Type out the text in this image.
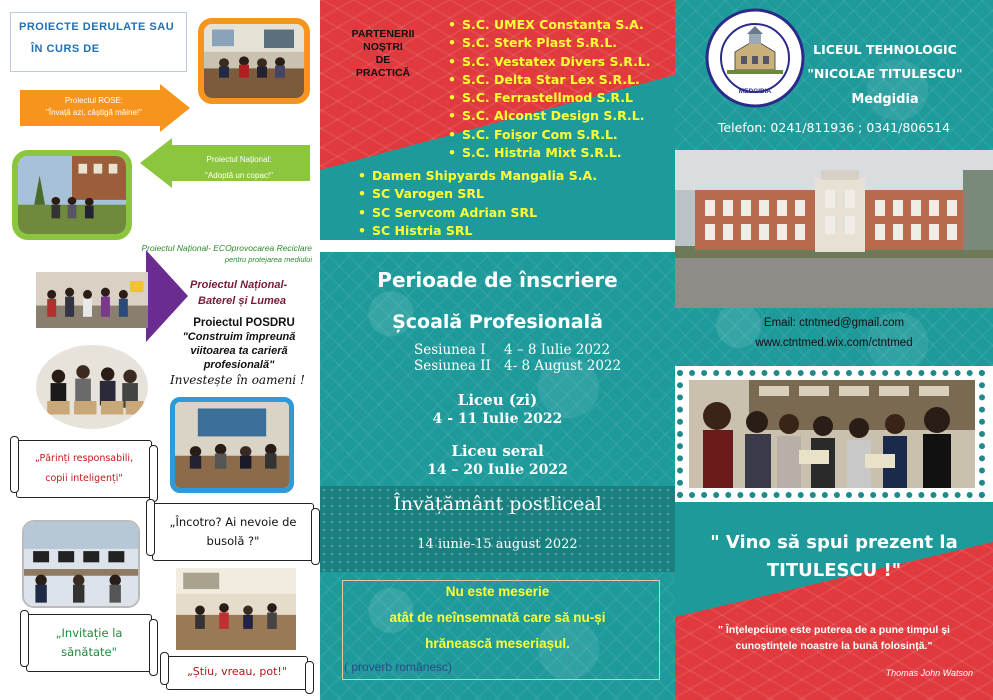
PROIECTE DERULATE SAU
ÎN CURS DE
Proiectul ROSE:
"Învață azi, câștigă mâine!"
Proiectul Național:
"Adoptă un copac!"
Proiectul Național- ECOprovocarea Reciclare
pentru protejarea mediului
Proiectul Național-
Baterel și Lumea
Proiectul POSDRU
"Construim împreună
viitoarea ta carieră
profesională"
Investește în oameni !
„Părinți responsabili,
copii inteligenți"
„Încotro? Ai nevoie de
busolă ?"
„Invitație la
sănătate"
„Știu, vreau, pot!"
PARTENERII
NOȘTRI
DE
PRACTICĂ
• S.C. UMEX Constanța S.A.
• S.C. Sterk Plast S.R.L.
• S.C. Vestatex Divers S.R.L.
• S.C. Delta Star Lex S.R.L.
• S.C. Ferrastellmod S.R.L
• S.C. Alconst Design S.R.L.
• S.C. Foișor Com S.R.L.
• S.C. Histria Mixt S.R.L.
• Damen Shipyards Mangalia S.A.
• SC Varogen SRL
• SC Servcom Adrian SRL
• SC Histria SRL
Perioade de înscriere
Școală Profesională
Sesiunea I 4 – 8 Iulie 2022
Sesiunea II 4- 8 August 2022
Liceu (zi)
4 - 11 Iulie 2022
Liceu seral
14 – 20 Iulie 2022
Învățământ postliceal
14 iunie-15 august 2022
Nu este meserie
atât de neînsemnată care să nu-și
hrănească meseriașul.
( proverb românesc)
MEDGIDIA
LICEUL TEHNOLOGIC
"NICOLAE TITULESCU"
Medgidia
Telefon: 0241/811936 ; 0341/806514
Email: ctntmed@gmail.com
www.ctntmed.wix.com/ctntmed
" Vino să spui prezent la
TITULESCU !"
" Înțelepciune este puterea de a pune timpul și
cunoștințele noastre la bună folosință."
Thomas John Watson
